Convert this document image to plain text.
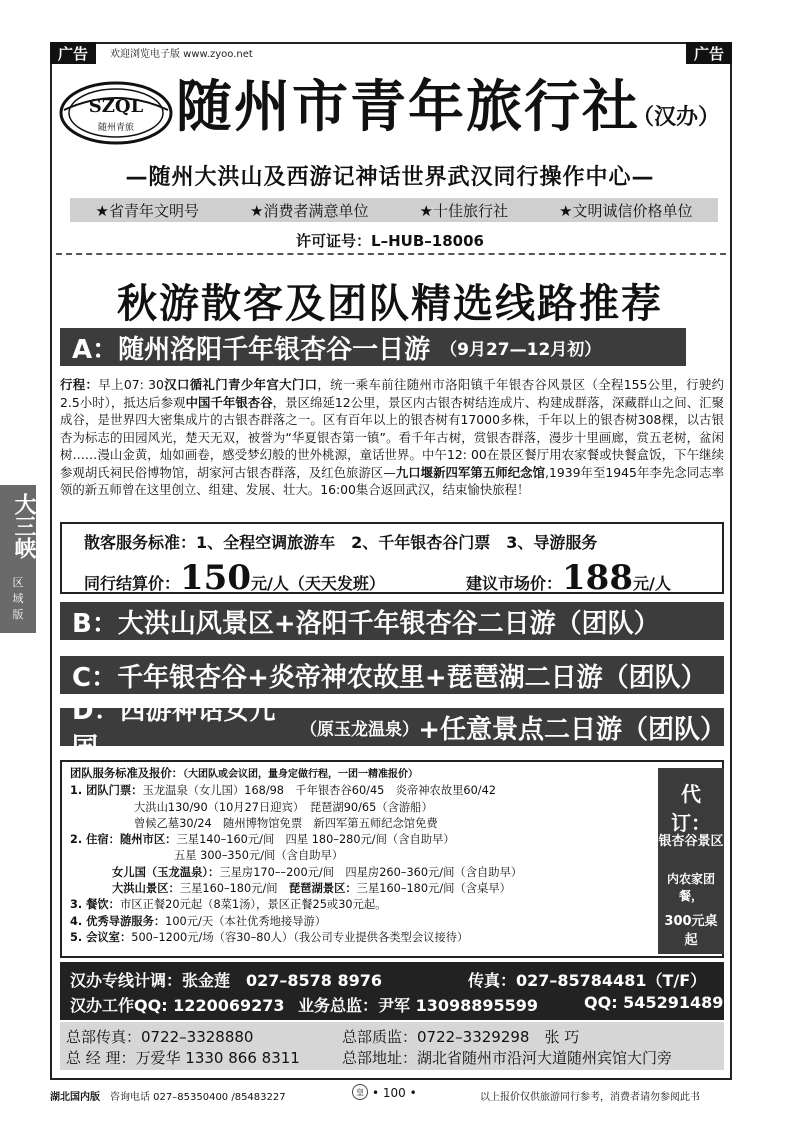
广告	广告
欢迎浏览电子版 www.zyoo.net
SZQL
随州青旅 随州市青年旅行社
（汉办）
—随州大洪山及西游记神话世界武汉同行操作中心—
★省青年文明号	★消费者满意单位	★十佳旅行社	★文明诚信价格单位
许可证号：L–HUB–18006
秋游散客及团队精选线路推荐
A：随州洛阳千年银杏谷一日游 （9月27—12月初）
行程：早上07: 30汉口循礼门青少年宫大门口，统一乘车前往随州市洛阳镇千年银杏谷风景区（全程155公里，行驶约2.5小时），抵达后参观中国千年银杏谷，景区绵延12公里，景区内古银杏树结连成片、构建成群落，深藏群山之间、汇聚成谷，是世界四大密集成片的古银杏群落之一。区有百年以上的银杏树有17000多株，千年以上的银杏树308棵，以古银杏为标志的田园风光，楚天无双，被誉为“华夏银杏第一镇”。看千年古树，赏银杏群落，漫步十里画廊，赏五老树，盆闲树……漫山金黄，灿如画卷，感受梦幻般的世外桃源，童话世界。中午12: 00在景区餐厅用农家餐或快餐盒饭，下午继续参观胡氏祠民俗博物馆，胡家河古银杏群落，及红色旅游区—九口堰新四军第五师纪念馆,1939年至1945年李先念同志率领的新五师曾在这里创立、组建、发展、壮大。16:00集合返回武汉，结束愉快旅程！
散客服务标准：1、全程空调旅游车　2、千年银杏谷门票　3、导游服务
同行结算价：150元/人（天天发班）	建议市场价：188元/人
B：大洪山风景区+洛阳千年银杏谷二日游（团队）
C：千年银杏谷+炎帝神农故里+琵琶湖二日游（团队）
D：西游神话女儿国
（原玉龙温泉） +任意景点二日游（团队）
团队服务标准及报价：（大团队或会议团，量身定做行程，一团一精准报价）
1. 团队门票：玉龙温泉（女儿国）168/98　千年银杏谷60/45　炎帝神农故里60/42
大洪山130/90（10月27日迎宾）　琵琶湖90/65（含游船）
曾候乙墓30/24　随州博物馆免票　新四军第五师纪念馆免费
2. 住宿：随州市区：三星140–160元/间　四星 180–280元/间（含自助早）
五星 300–350元/间（含自助早）
女儿国（玉龙温泉）：三星房170––200元/间　四星房260–360元/间（含自助早）
大洪山景区：三星160–180元/间　琵琶湖景区：三星160–180元/间（含桌早）
3. 餐饮：市区正餐20元起（8菜1汤），景区正餐25或30元起。
4. 优秀导游服务：100元/天（本社优秀地接导游）
5. 会议室：500–1200元/场（容30–80人）（我公司专业提供各类型会议接待）
代 订：
银杏谷景区
内农家团餐，
300元桌起
汉办专线计调：张金莲　027–8578 8976	传真：027–85784481（T/F）
汉办工作QQ: 1220069273 业务总监：尹军 13098895599	QQ: 545291489
总部传真：0722–3328880	总部质监：0722–3329298　张 巧
总 经 理：万爱华 1330 866 8311	总部地址：湖北省随州市沿河大道随州宾馆大门旁
湖北国内版 咨询电话 027–85350400 /85483227	皇 • 100 •	以上报价仅供旅游同行参考，消费者请勿参阅此书
大三峡
区
域
版
